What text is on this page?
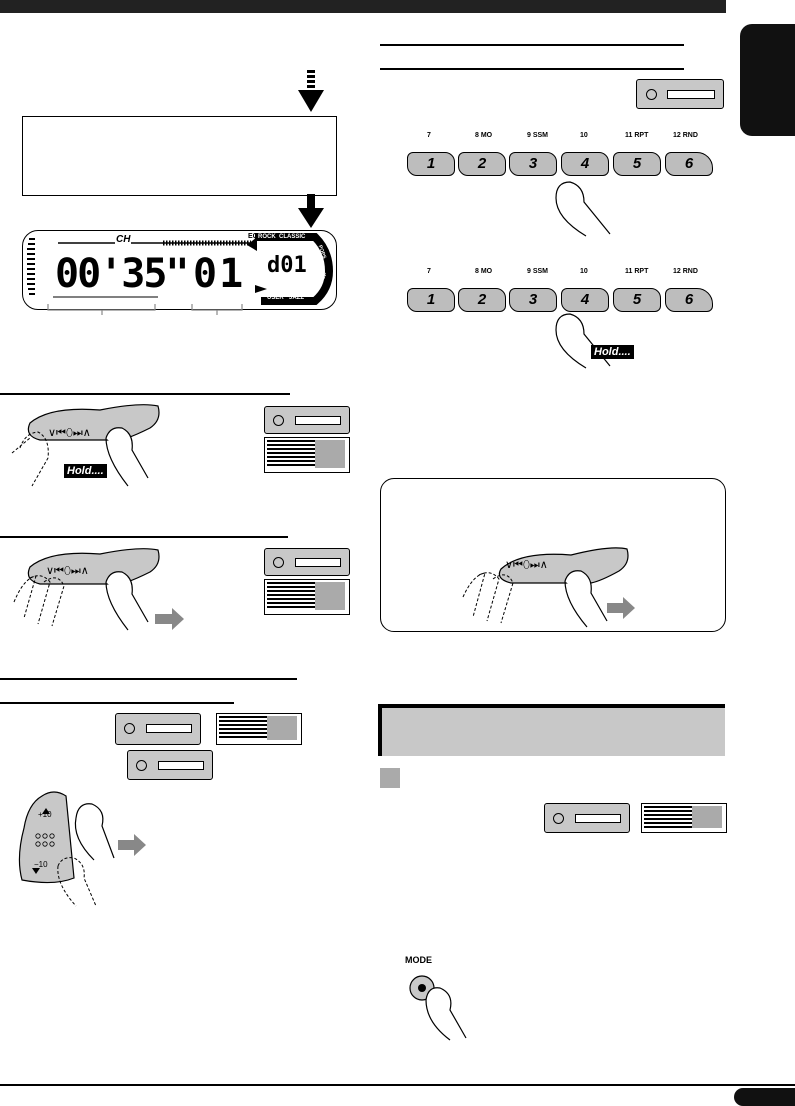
00'35" 01 d01
CH	EQ ROCK CLASSIC
POPS
HIP HOP
USER JAZZ
∨⏮⬯⏭∧
Hold....
∨⏮⬯⏭∧
+10
−10
7	8 MO	9 SSM	10	11 RPT	12 RND
1	2	3	4	5	6
7	8 MO	9 SSM	10	11 RPT	12 RND
1	2	3	4	5	6
Hold....
∨⏮⬯⏭∧
MODE
